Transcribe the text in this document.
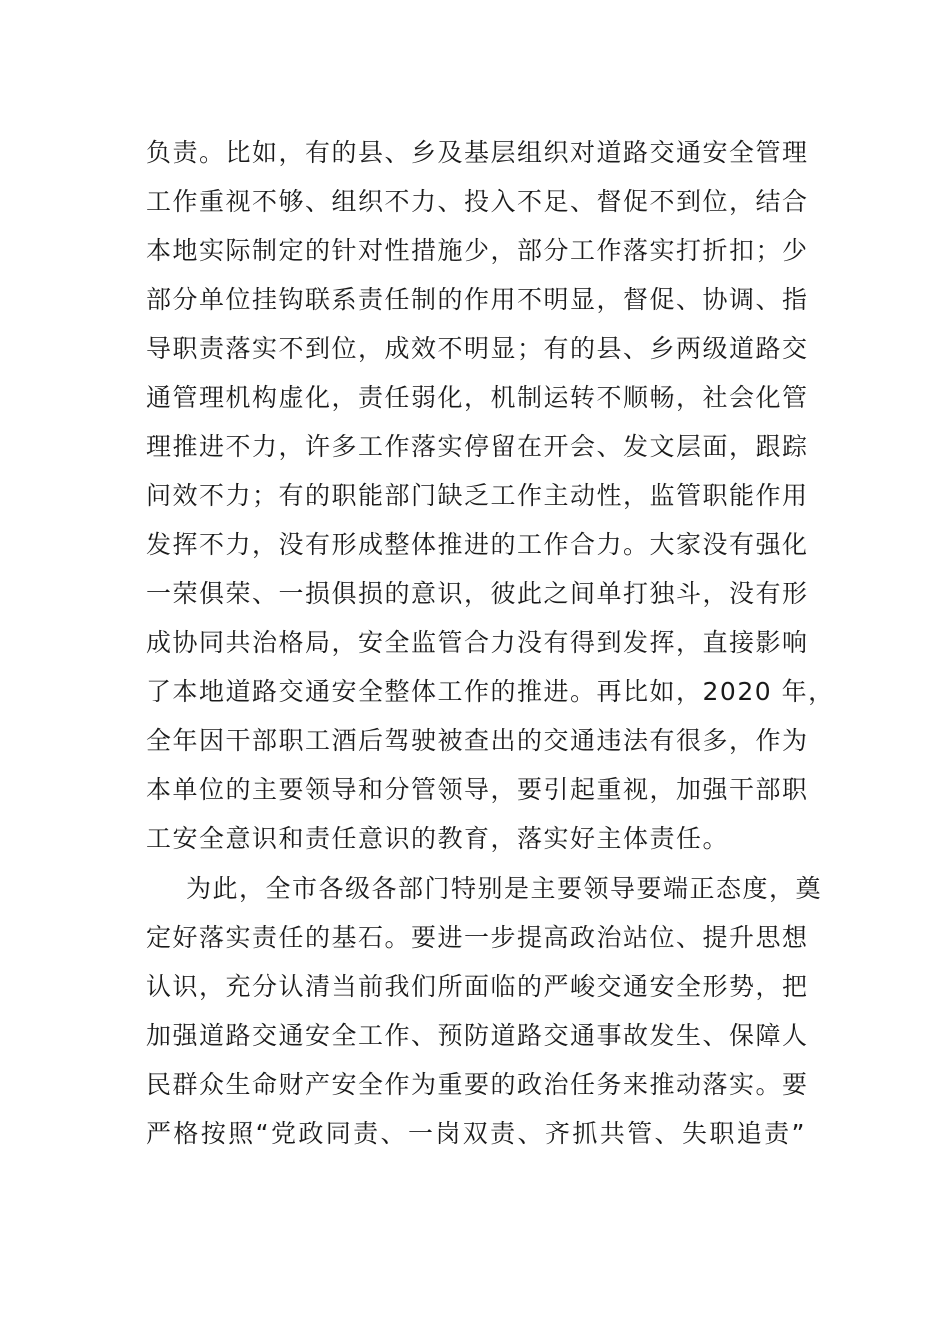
负责。比如，有的县、乡及基层组织对道路交通安全管理
工作重视不够、组织不力、投入不足、督促不到位，结合
本地实际制定的针对性措施少，部分工作落实打折扣；少
部分单位挂钩联系责任制的作用不明显，督促、协调、指
导职责落实不到位，成效不明显；有的县、乡两级道路交
通管理机构虚化，责任弱化，机制运转不顺畅，社会化管
理推进不力，许多工作落实停留在开会、发文层面，跟踪
问效不力；有的职能部门缺乏工作主动性，监管职能作用
发挥不力，没有形成整体推进的工作合力。大家没有强化
一荣俱荣、一损俱损的意识，彼此之间单打独斗，没有形
成协同共治格局，安全监管合力没有得到发挥，直接影响
了本地道路交通安全整体工作的推进。再比如，2020 年，
全年因干部职工酒后驾驶被查出的交通违法有很多，作为
本单位的主要领导和分管领导，要引起重视，加强干部职
工安全意识和责任意识的教育，落实好主体责任。
为此，全市各级各部门特别是主要领导要端正态度，奠
定好落实责任的基石。要进一步提高政治站位、提升思想
认识，充分认清当前我们所面临的严峻交通安全形势，把
加强道路交通安全工作、预防道路交通事故发生、保障人
民群众生命财产安全作为重要的政治任务来推动落实。要
严格按照“党政同责、一岗双责、齐抓共管、失职追责”
